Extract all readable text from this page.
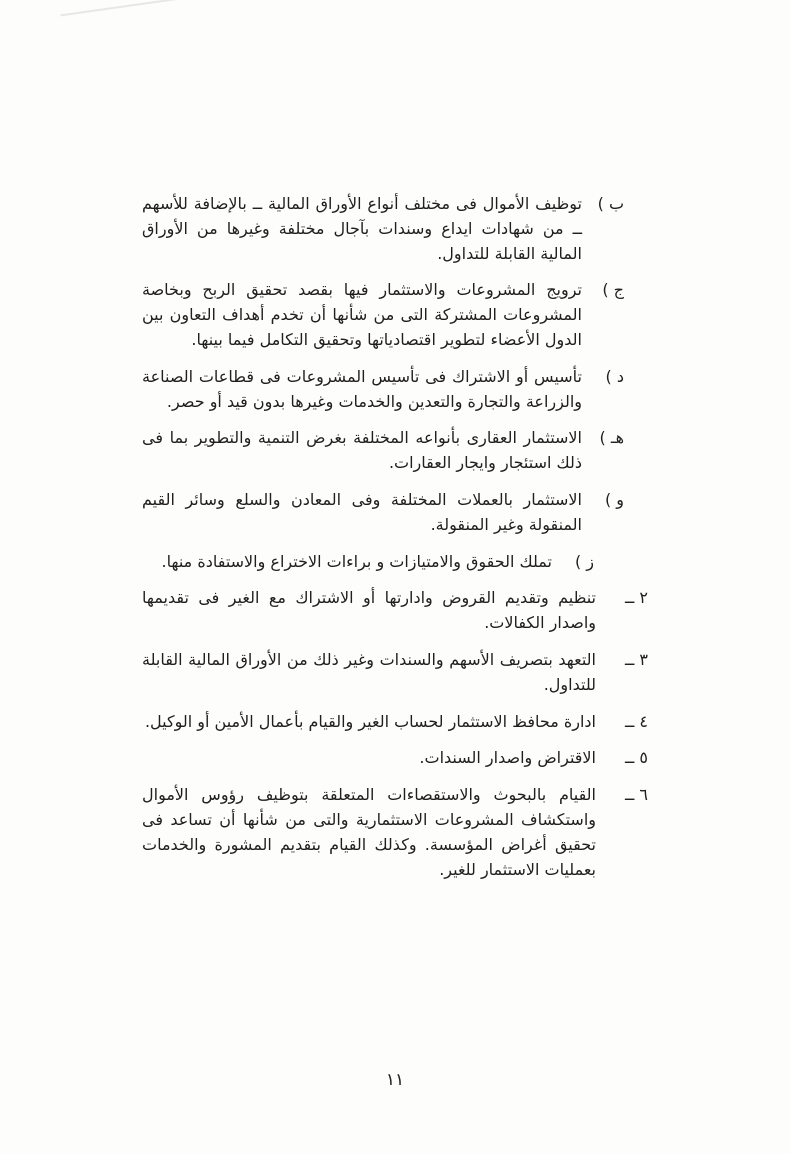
ب )
توظيف الأموال فى مختلف أنواع الأوراق المالية ــ بالإضافة للأسهم ــ من شهادات ايداع وسندات بآجال مختلفة وغيرها من الأوراق المالية القابلة للتداول.
ج )
ترويج المشروعات والاستثمار فيها بقصد تحقيق الربح وبخاصة المشروعات المشتركة التى من شأنها أن تخدم أهداف التعاون بين الدول الأعضاء لتطوير اقتصادياتها وتحقيق التكامل فيما بينها.
د )
تأسيس أو الاشتراك فى تأسيس المشروعات فى قطاعات الصناعة والزراعة والتجارة والتعدين والخدمات وغيرها بدون قيد أو حصر.
هـ )
الاستثمار العقارى بأنواعه المختلفة بغرض التنمية والتطوير بما فى ذلك استئجار وايجار العقارات.
و )
الاستثمار بالعملات المختلفة وفى المعادن والسلع وسائر القيم المنقولة وغير المنقولة.
ز )
تملك الحقوق والامتيازات و براءات الاختراع والاستفادة منها.
٢ ــ
تنظيم وتقديم القروض وادارتها أو الاشتراك مع الغير فى تقديمها واصدار الكفالات.
٣ ــ
التعهد بتصريف الأسهم والسندات وغير ذلك من الأوراق المالية القابلة للتداول.
٤ ــ
ادارة محافظ الاستثمار لحساب الغير والقيام بأعمال الأمين أو الوكيل.
٥ ــ
الاقتراض واصدار السندات.
٦ ــ
القيام بالبحوث والاستقصاءات المتعلقة بتوظيف رؤوس الأموال واستكشاف المشروعات الاستثمارية والتى من شأنها أن تساعد فى تحقيق أغراض المؤسسة. وكذلك القيام بتقديم المشورة والخدمات بعمليات الاستثمار للغير.
١١
